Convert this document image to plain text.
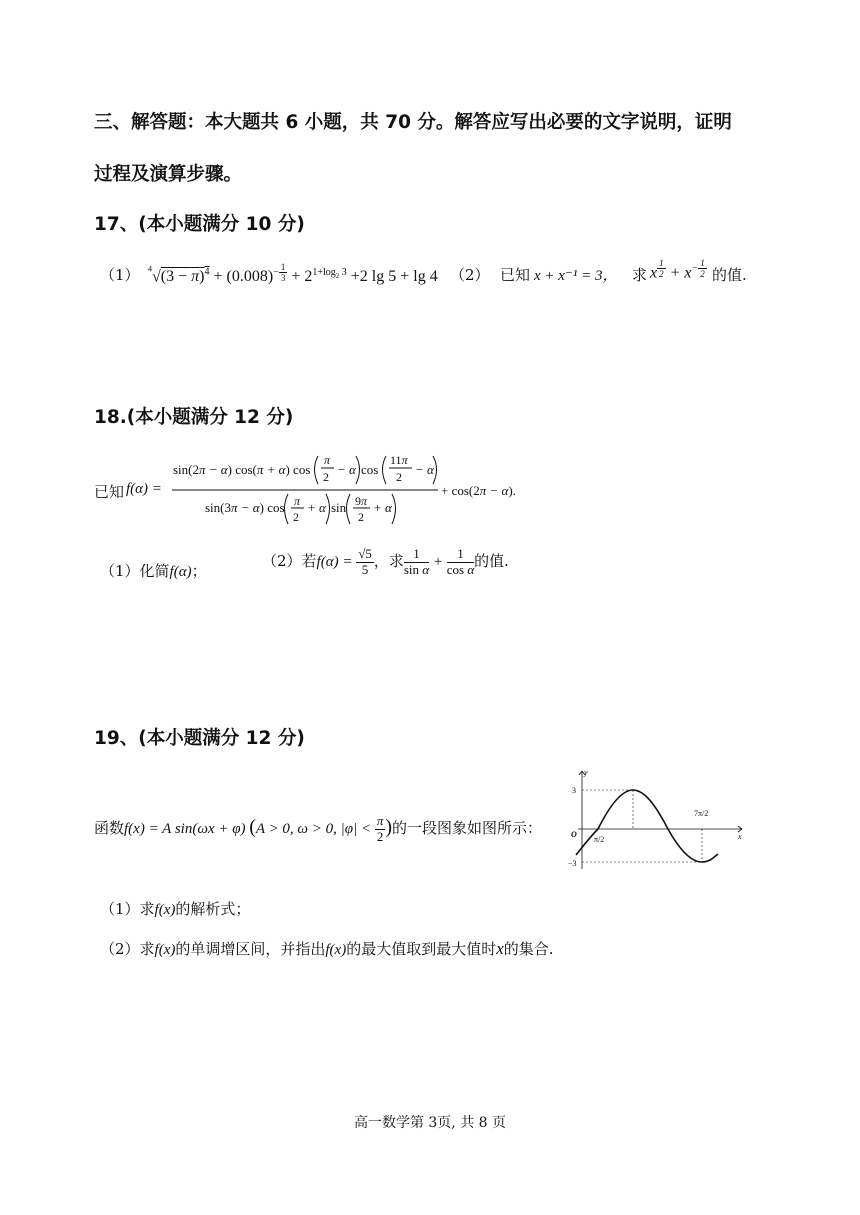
三、解答题：本大题共 6 小题，共 70 分。解答应写出必要的文字说明，证明
过程及演算步骤。
17、(本小题满分 10 分)
（1） $^4√(3 - \pi)^4 + (0.008)^{- \frac{1}{3}} + 2^{1+log_2 3} +2$ lg 5 + lg 4 （2） 已知 x + x⁻¹ = 3， 求 x $^{\frac{1}{2}} + x^{- \frac{1}{2}}$ 的值.
18.(本小题满分 12 分)
已知 f(α) =
sin(2π − α) cos(π + α) cos
π
2 − α cos
11π
2 − α
sin(3π − α) cos π
2
+ α sin 9π
2
+ α
+ cos(2π − α).
（1）化简f(α)；
（2）若$f(\alpha) = \frac{√5}{5}$ ，求 $\frac{1}{\text{sin α}} + \frac{1}{\text{cos α}}$ 的值.
19、(本小题满分 12 分)
函数f(x) = A sin(ωx + φ) (A > 0, ω > 0, $|\varphi| < \frac{\pi}{2}$ )的一段图象如图所示：
y
x
O
3
−3
π/2
7π/2
（1）求f(x)的解析式；
（2）求f(x)的单调增区间，并指出f(x)的最大值取到最大值时x的集合.
高一数学第 3页, 共 8 页
